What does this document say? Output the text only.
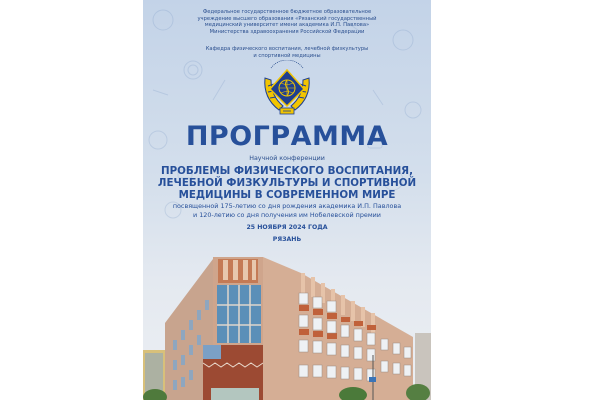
Федеральное государственное бюджетное образовательное
учреждение высшего образования «Рязанский государственный
медицинский университет имени академика И.П. Павлова»
Министерства здравоохранения Российской Федерации
Кафедра физического воспитания, лечебной физкультуры
и спортивной медицины
ПРОГРАММА
Научной конференции
ПРОБЛЕМЫ ФИЗИЧЕСКОГО ВОСПИТАНИЯ,
ЛЕЧЕБНОЙ ФИЗКУЛЬТУРЫ И СПОРТИВНОЙ
МЕДИЦИНЫ В СОВРЕМЕННОМ МИРЕ
посвященной 175-летию со дня рождения академика И.П. Павлова
и 120-летию со дня получения им Нобелевской премии
25 НОЯБРЯ 2024 ГОДА
РЯЗАНЬ
